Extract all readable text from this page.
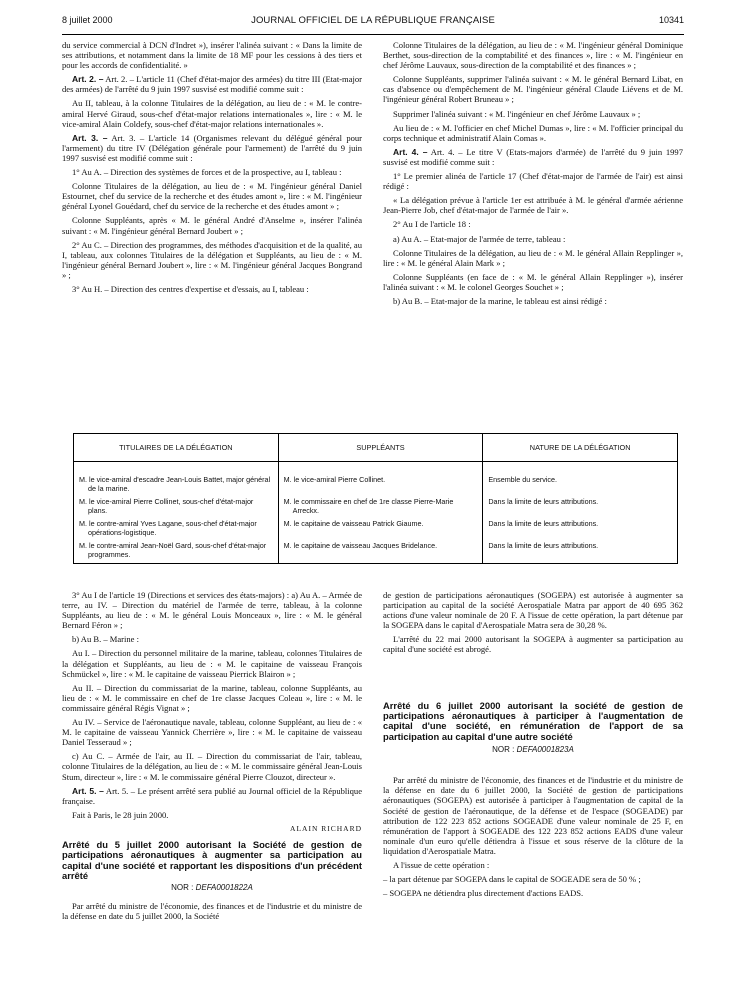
8 juillet 2000	JOURNAL OFFICIEL DE LA RÉPUBLIQUE FRANÇAISE	10341

du service commercial à DCN d'Indret »), insérer l'alinéa suivant : « Dans la limite de ses attributions, et notamment dans la limite de 18 MF pour les cessions à des tiers et pour les accords de confidentialité. »

Art. 2. – Art. 2. – L'article 11 (Chef d'état-major des armées) du titre III (Etat-major des armées) de l'arrêté du 9 juin 1997 susvisé est modifié comme suit :

Au II, tableau, à la colonne Titulaires de la délégation, au lieu de : « M. le contre-amiral Hervé Giraud, sous-chef d'état-major relations internationales », lire : « M. le vice-amiral Alain Coldefy, sous-chef d'état-major relations internationales ».

Art. 3. – Art. 3. – L'article 14 (Organismes relevant du délégué général pour l'armement) du titre IV (Délégation générale pour l'armement) de l'arrêté du 9 juin 1997 susvisé est modifié comme suit :

1° Au A. – Direction des systèmes de forces et de la prospective, au I, tableau :

Colonne Titulaires de la délégation, au lieu de : « M. l'ingénieur général Daniel Estournet, chef du service de la recherche et des études amont », lire : « M. l'ingénieur général Lyonel Gouédard, chef du service de la recherche et des études amont » ;

Colonne Suppléants, après « M. le général André d'Anselme », insérer l'alinéa suivant : « M. l'ingénieur général Bernard Joubert » ;

2° Au C. – Direction des programmes, des méthodes d'acquisition et de la qualité, au I, tableau, aux colonnes Titulaires de la délégation et Suppléants, au lieu de : « M. l'ingénieur général Bernard Joubert », lire : « M. l'ingénieur général Jacques Bongrand » ;

3° Au H. – Direction des centres d'expertise et d'essais, au I, tableau :

Colonne Titulaires de la délégation, au lieu de : « M. l'ingénieur général Dominique Berthet, sous-direction de la comptabilité et des finances », lire : « M. l'ingénieur en chef Jérôme Lauvaux, sous-direction de la comptabilité et des finances » ;

Colonne Suppléants, supprimer l'alinéa suivant : « M. le général Bernard Libat, en cas d'absence ou d'empêchement de M. l'ingénieur général Claude Liévens et de M. l'ingénieur général Robert Bruneau » ;

Supprimer l'alinéa suivant : « M. l'ingénieur en chef Jérôme Lauvaux » ;

Au lieu de : « M. l'officier en chef Michel Dumas », lire : « M. l'officier principal du corps technique et administratif Alain Comas ».

Art. 4. – Art. 4. – Le titre V (Etats-majors d'armée) de l'arrêté du 9 juin 1997 susvisé est modifié comme suit :

1° Le premier alinéa de l'article 17 (Chef d'état-major de l'armée de l'air) est ainsi rédigé :

« La délégation prévue à l'article 1er est attribuée à M. le général d'armée aérienne Jean-Pierre Job, chef d'état-major de l'armée de l'air ».

2° Au I de l'article 18 :

a) Au A. – Etat-major de l'armée de terre, tableau :

Colonne Titulaires de la délégation, au lieu de : « M. le général Allain Repplinger », lire : « M. le général Alain Mark » ;

Colonne Suppléants (en face de : « M. le général Allain Repplinger »), insérer l'alinéa suivant : « M. le colonel Georges Souchet » ;

b) Au B. – Etat-major de la marine, le tableau est ainsi rédigé :

TITULAIRES DE LA DÉLÉGATION	SUPPLÉANTS	NATURE DE LA DÉLÉGATION
M. le vice-amiral d'escadre Jean-Louis Battet, major général de la marine.	M. le vice-amiral Pierre Collinet.	Ensemble du service.
M. le vice-amiral Pierre Collinet, sous-chef d'état-major plans.	M. le commissaire en chef de 1re classe Pierre-Marie Arreckx.	Dans la limite de leurs attributions.
M. le contre-amiral Yves Lagane, sous-chef d'état-major opérations-logistique.	M. le capitaine de vaisseau Patrick Giaume.	Dans la limite de leurs attributions.
M. le contre-amiral Jean-Noël Gard, sous-chef d'état-major programmes.	M. le capitaine de vaisseau Jacques Bridelance.	Dans la limite de leurs attributions.

3° Au I de l'article 19 (Directions et services des états-majors) : a) Au A. – Armée de terre, au IV. – Direction du matériel de l'armée de terre, tableau, à la colonne Suppléants, au lieu de : « M. le général Louis Monceaux », lire : « M. le général Bernard Féron » ;

b) Au B. – Marine :

Au I. – Direction du personnel militaire de la marine, tableau, colonnes Titulaires de la délégation et Suppléants, au lieu de : « M. le capitaine de vaisseau François Schmückel », lire : « M. le capitaine de vaisseau Pierrick Blairon » ;

Au II. – Direction du commissariat de la marine, tableau, colonne Suppléants, au lieu de : « M. le commissaire en chef de 1re classe Jacques Coleau », lire : « M. le commissaire général Régis Vignat » ;

Au IV. – Service de l'aéronautique navale, tableau, colonne Suppléant, au lieu de : « M. le capitaine de vaisseau Yannick Cherrière », lire : « M. le capitaine de vaisseau Daniel Tesseraud » ;

c) Au C. – Armée de l'air, au II. – Direction du commissariat de l'air, tableau, colonne Titulaires de la délégation, au lieu de : « M. le commissaire général Jean-Louis Stum, directeur », lire : « M. le commissaire général Pierre Clouzot, directeur ».

Art. 5. – Art. 5. – Le présent arrêté sera publié au Journal officiel de la République française.

Fait à Paris, le 28 juin 2000.

ALAIN RICHARD
Arrêté du 5 juillet 2000 autorisant la Société de gestion de participations aéronautiques à augmenter sa participation au capital d'une société et rapportant les dispositions d'un précédent arrêté
NOR : DEFA0001822A

Par arrêté du ministre de l'économie, des finances et de l'industrie et du ministre de la défense en date du 5 juillet 2000, la Société

de gestion de participations aéronautiques (SOGEPA) est autorisée à augmenter sa participation au capital de la société Aerospatiale Matra par apport de 40 695 362 actions d'une valeur nominale de 20 F. A l'issue de cette opération, la part détenue par la SOGEPA dans le capital d'Aerospatiale Matra sera de 30,28 %.

L'arrêté du 22 mai 2000 autorisant la SOGEPA à augmenter sa participation au capital d'une société est abrogé.

Arrêté du 6 juillet 2000 autorisant la société de gestion de participations aéronautiques à participer à l'augmentation de capital d'une société, en rémunération de l'apport de sa participation au capital d'une autre société
NOR : DEFA0001823A

Par arrêté du ministre de l'économie, des finances et de l'industrie et du ministre de la défense en date du 6 juillet 2000, la Société de gestion de participations aéronautiques (SOGEPA) est autorisée à participer à l'augmentation de capital de la Société de gestion de l'aéronautique, de la défense et de l'espace (SOGEADE) par attribution de 122 223 852 actions SOGEADE d'une valeur nominale de 25 F, en rémunération de l'apport à SOGEADE des 122 223 852 actions EADS d'une valeur nominale d'un euro qu'elle détiendra à l'issue et sous réserve de la clôture de la liquidation d'Aerospatiale Matra.

A l'issue de cette opération :

– la part détenue par SOGEPA dans le capital de SOGEADE sera de 50 % ;

– SOGEPA ne détiendra plus directement d'actions EADS.
